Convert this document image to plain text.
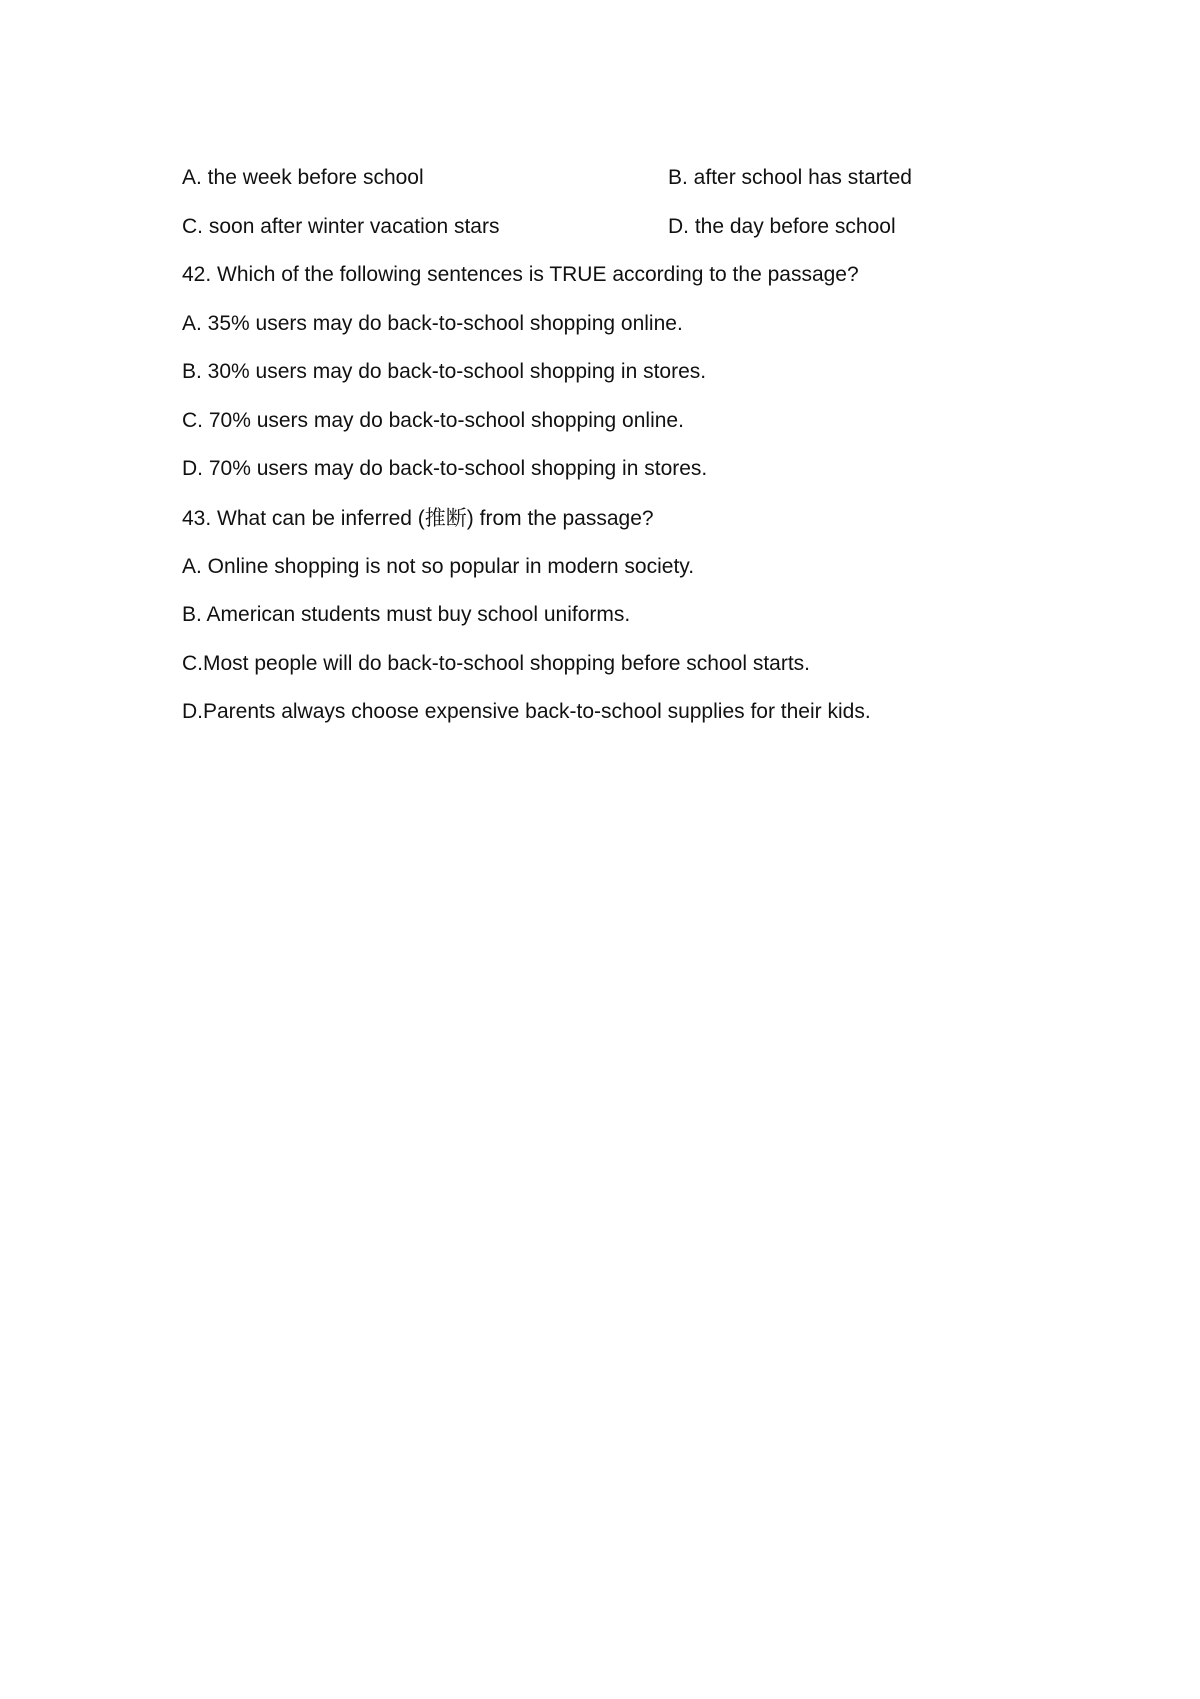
A. the week before school	B. after school has started

C. soon after winter vacation stars	D. the day before school

42. Which of the following sentences is TRUE according to the passage?

A. 35% users may do back-to-school shopping online.

B. 30% users may do back-to-school shopping in stores.

C. 70% users may do back-to-school shopping online.

D. 70% users may do back-to-school shopping in stores.

43. What can be inferred (推断) from the passage?

A. Online shopping is not so popular in modern society.

B. American students must buy school uniforms.

C.Most people will do back-to-school shopping before school starts.

D.Parents always choose expensive back-to-school supplies for their kids.
